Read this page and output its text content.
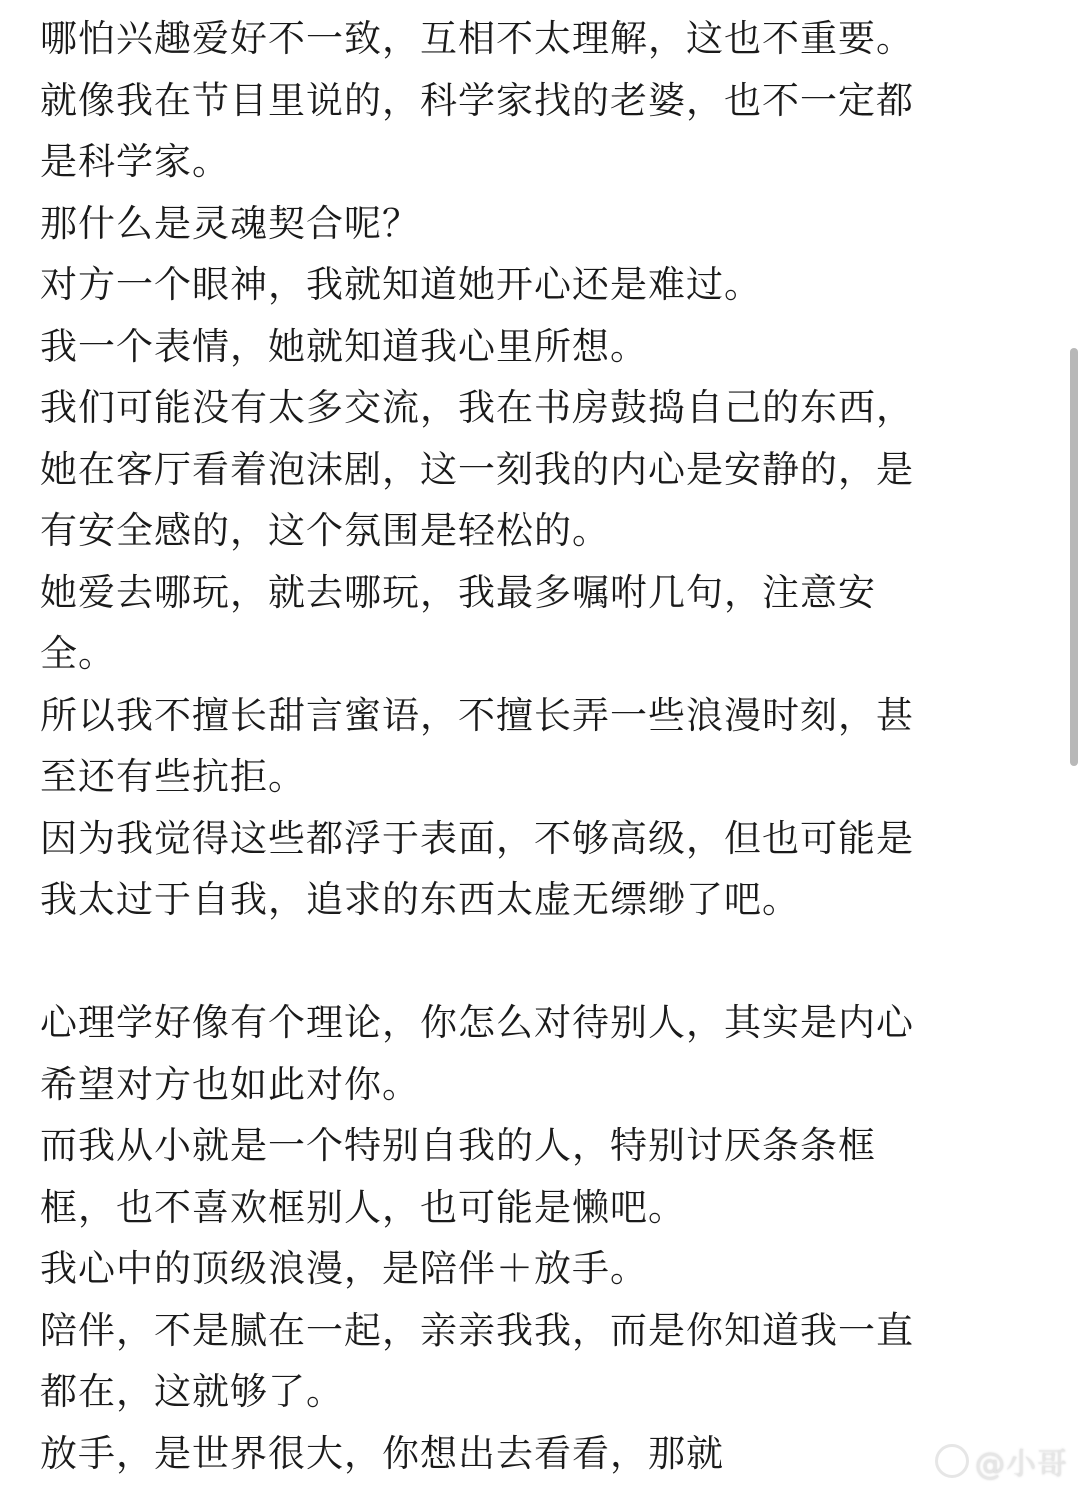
哪怕兴趣爱好不一致，互相不太理解，这也不重要。
就像我在节目里说的，科学家找的老婆，也不一定都
是科学家。
那什么是灵魂契合呢？
对方一个眼神，我就知道她开心还是难过。
我一个表情，她就知道我心里所想。
我们可能没有太多交流，我在书房鼓捣自己的东西，
她在客厅看着泡沫剧，这一刻我的内心是安静的，是
有安全感的，这个氛围是轻松的。
她爱去哪玩，就去哪玩，我最多嘱咐几句，注意安
全。
所以我不擅长甜言蜜语，不擅长弄一些浪漫时刻，甚
至还有些抗拒。
因为我觉得这些都浮于表面，不够高级，但也可能是
我太过于自我，追求的东西太虚无缥缈了吧。

心理学好像有个理论，你怎么对待别人，其实是内心
希望对方也如此对你。
而我从小就是一个特别自我的人，特别讨厌条条框
框，也不喜欢框别人，也可能是懒吧。
我心中的顶级浪漫，是陪伴＋放手。
陪伴，不是腻在一起，亲亲我我，而是你知道我一直
都在，这就够了。
放手，是世界很大，你想出去看看，那就	@小哥
